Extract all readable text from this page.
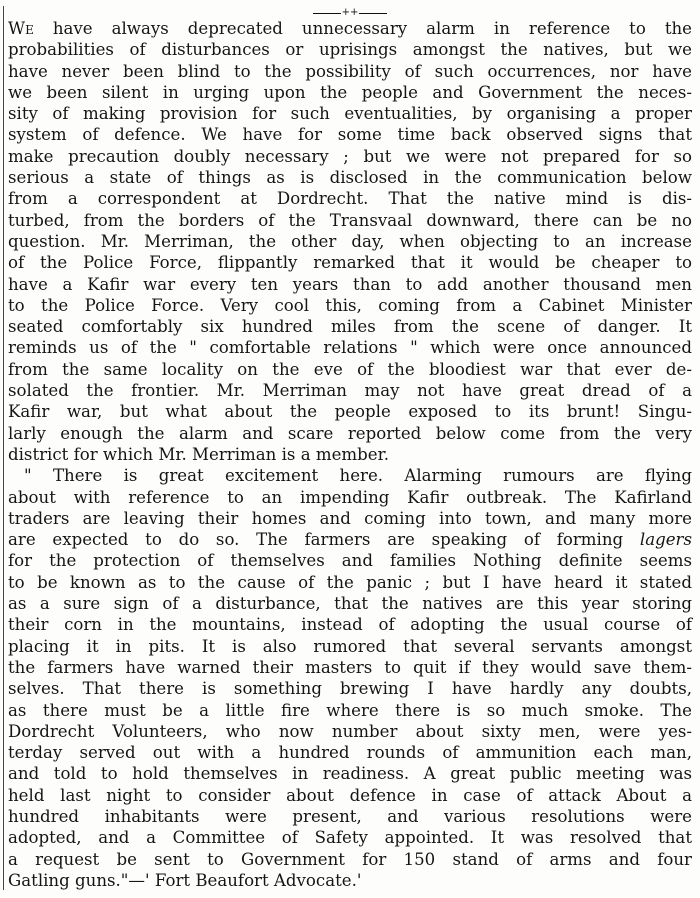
++
WE have always deprecated unnecessary alarm in reference to the
probabilities of disturbances or uprisings amongst the natives, but we
have never been blind to the possibility of such occurrences, nor have
we been silent in urging upon the people and Government the neces-
sity of making provision for such eventualities, by organising a proper
system of defence. We have for some time back observed signs that
make precaution doubly necessary ; but we were not prepared for so
serious a state of things as is disclosed in the communication below
from a correspondent at Dordrecht. That the native mind is dis-
turbed, from the borders of the Transvaal downward, there can be no
question. Mr. Merriman, the other day, when objecting to an increase
of the Police Force, flippantly remarked that it would be cheaper to
have a Kafir war every ten years than to add another thousand men
to the Police Force. Very cool this, coming from a Cabinet Minister
seated comfortably six hundred miles from the scene of danger. It
reminds us of the " comfortable relations " which were once announced
from the same locality on the eve of the bloodiest war that ever de-
solated the frontier. Mr. Merriman may not have great dread of a
Kafir war, but what about the people exposed to its brunt! Singu-
larly enough the alarm and scare reported below come from the very
district for which Mr. Merriman is a member.
" There is great excitement here. Alarming rumours are flying
about with reference to an impending Kafir outbreak. The Kafirland
traders are leaving their homes and coming into town, and many more
are expected to do so. The farmers are speaking of forming lagers
for the protection of themselves and families Nothing definite seems
to be known as to the cause of the panic ; but I have heard it stated
as a sure sign of a disturbance, that the natives are this year storing
their corn in the mountains, instead of adopting the usual course of
placing it in pits. It is also rumored that several servants amongst
the farmers have warned their masters to quit if they would save them-
selves. That there is something brewing I have hardly any doubts,
as there must be a little fire where there is so much smoke. The
Dordrecht Volunteers, who now number about sixty men, were yes-
terday served out with a hundred rounds of ammunition each man,
and told to hold themselves in readiness. A great public meeting was
held last night to consider about defence in case of attack About a
hundred inhabitants were present, and various resolutions were
adopted, and a Committee of Safety appointed. It was resolved that
a request be sent to Government for 150 stand of arms and four
Gatling guns."—' Fort Beaufort Advocate.'
